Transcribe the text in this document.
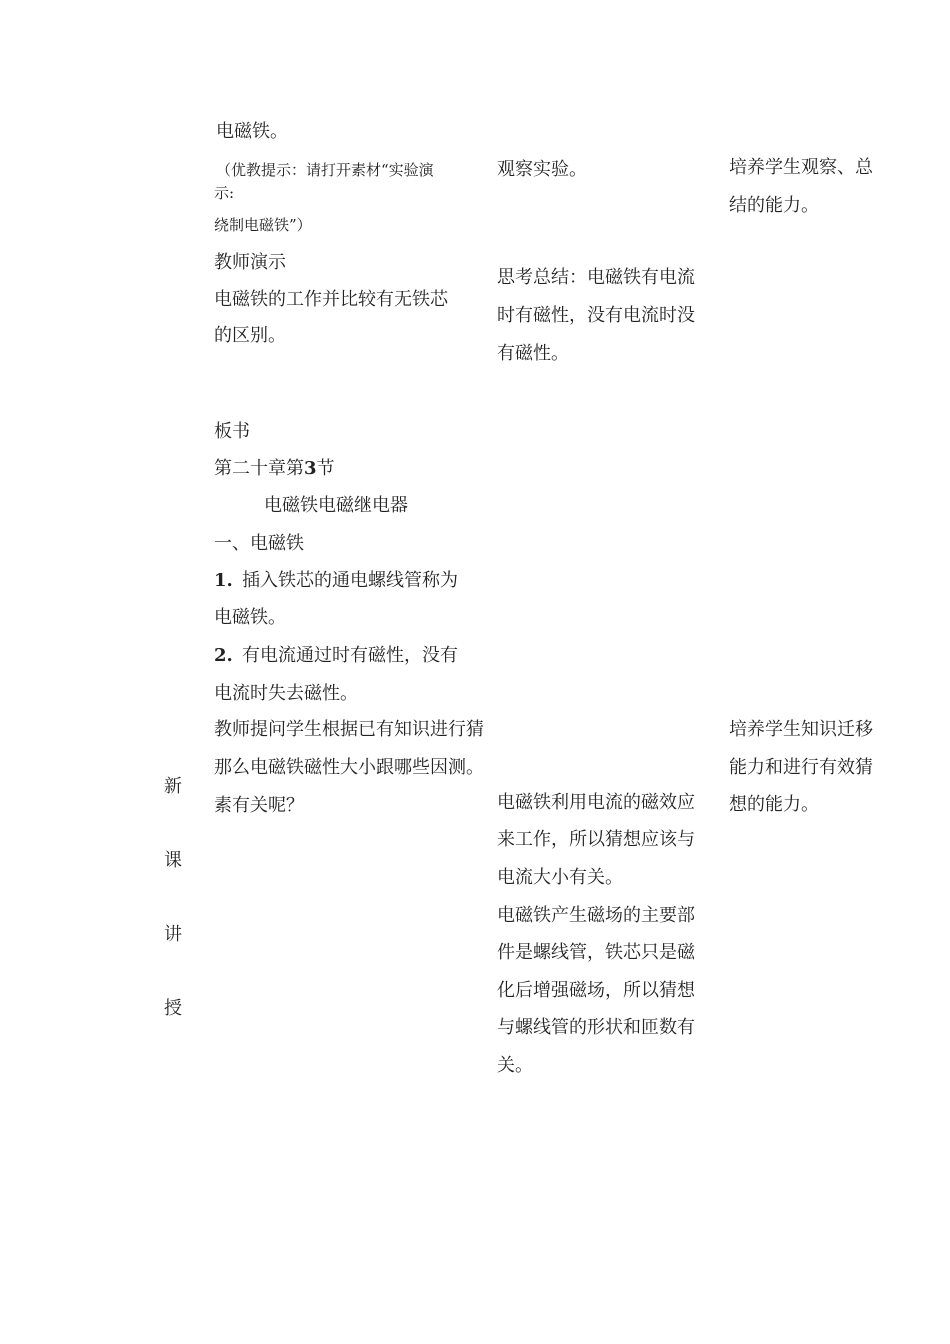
新
课
讲
授
电磁铁。
（优教提示：请打开素材“实验演
示:
绕制电磁铁”）
教师演示
电磁铁的工作并比较有无铁芯
的区别。
板书
第二十章第3节
电磁铁电磁继电器
一、电磁铁
1. 插入铁芯的通电螺线管称为
电磁铁。
2. 有电流通过时有磁性，没有
电流时失去磁性。
教师提问学生根据已有知识进行猜
那么电磁铁磁性大小跟哪些因测。
素有关呢？
观察实验。
思考总结：电磁铁有电流
时有磁性，没有电流时没
有磁性。
电磁铁利用电流的磁效应
来工作，所以猜想应该与
电流大小有关。
电磁铁产生磁场的主要部
件是螺线管，铁芯只是磁
化后增强磁场，所以猜想
与螺线管的形状和匝数有
关。
培养学生观察、总
结的能力。
培养学生知识迁移
能力和进行有效猜
想的能力。
